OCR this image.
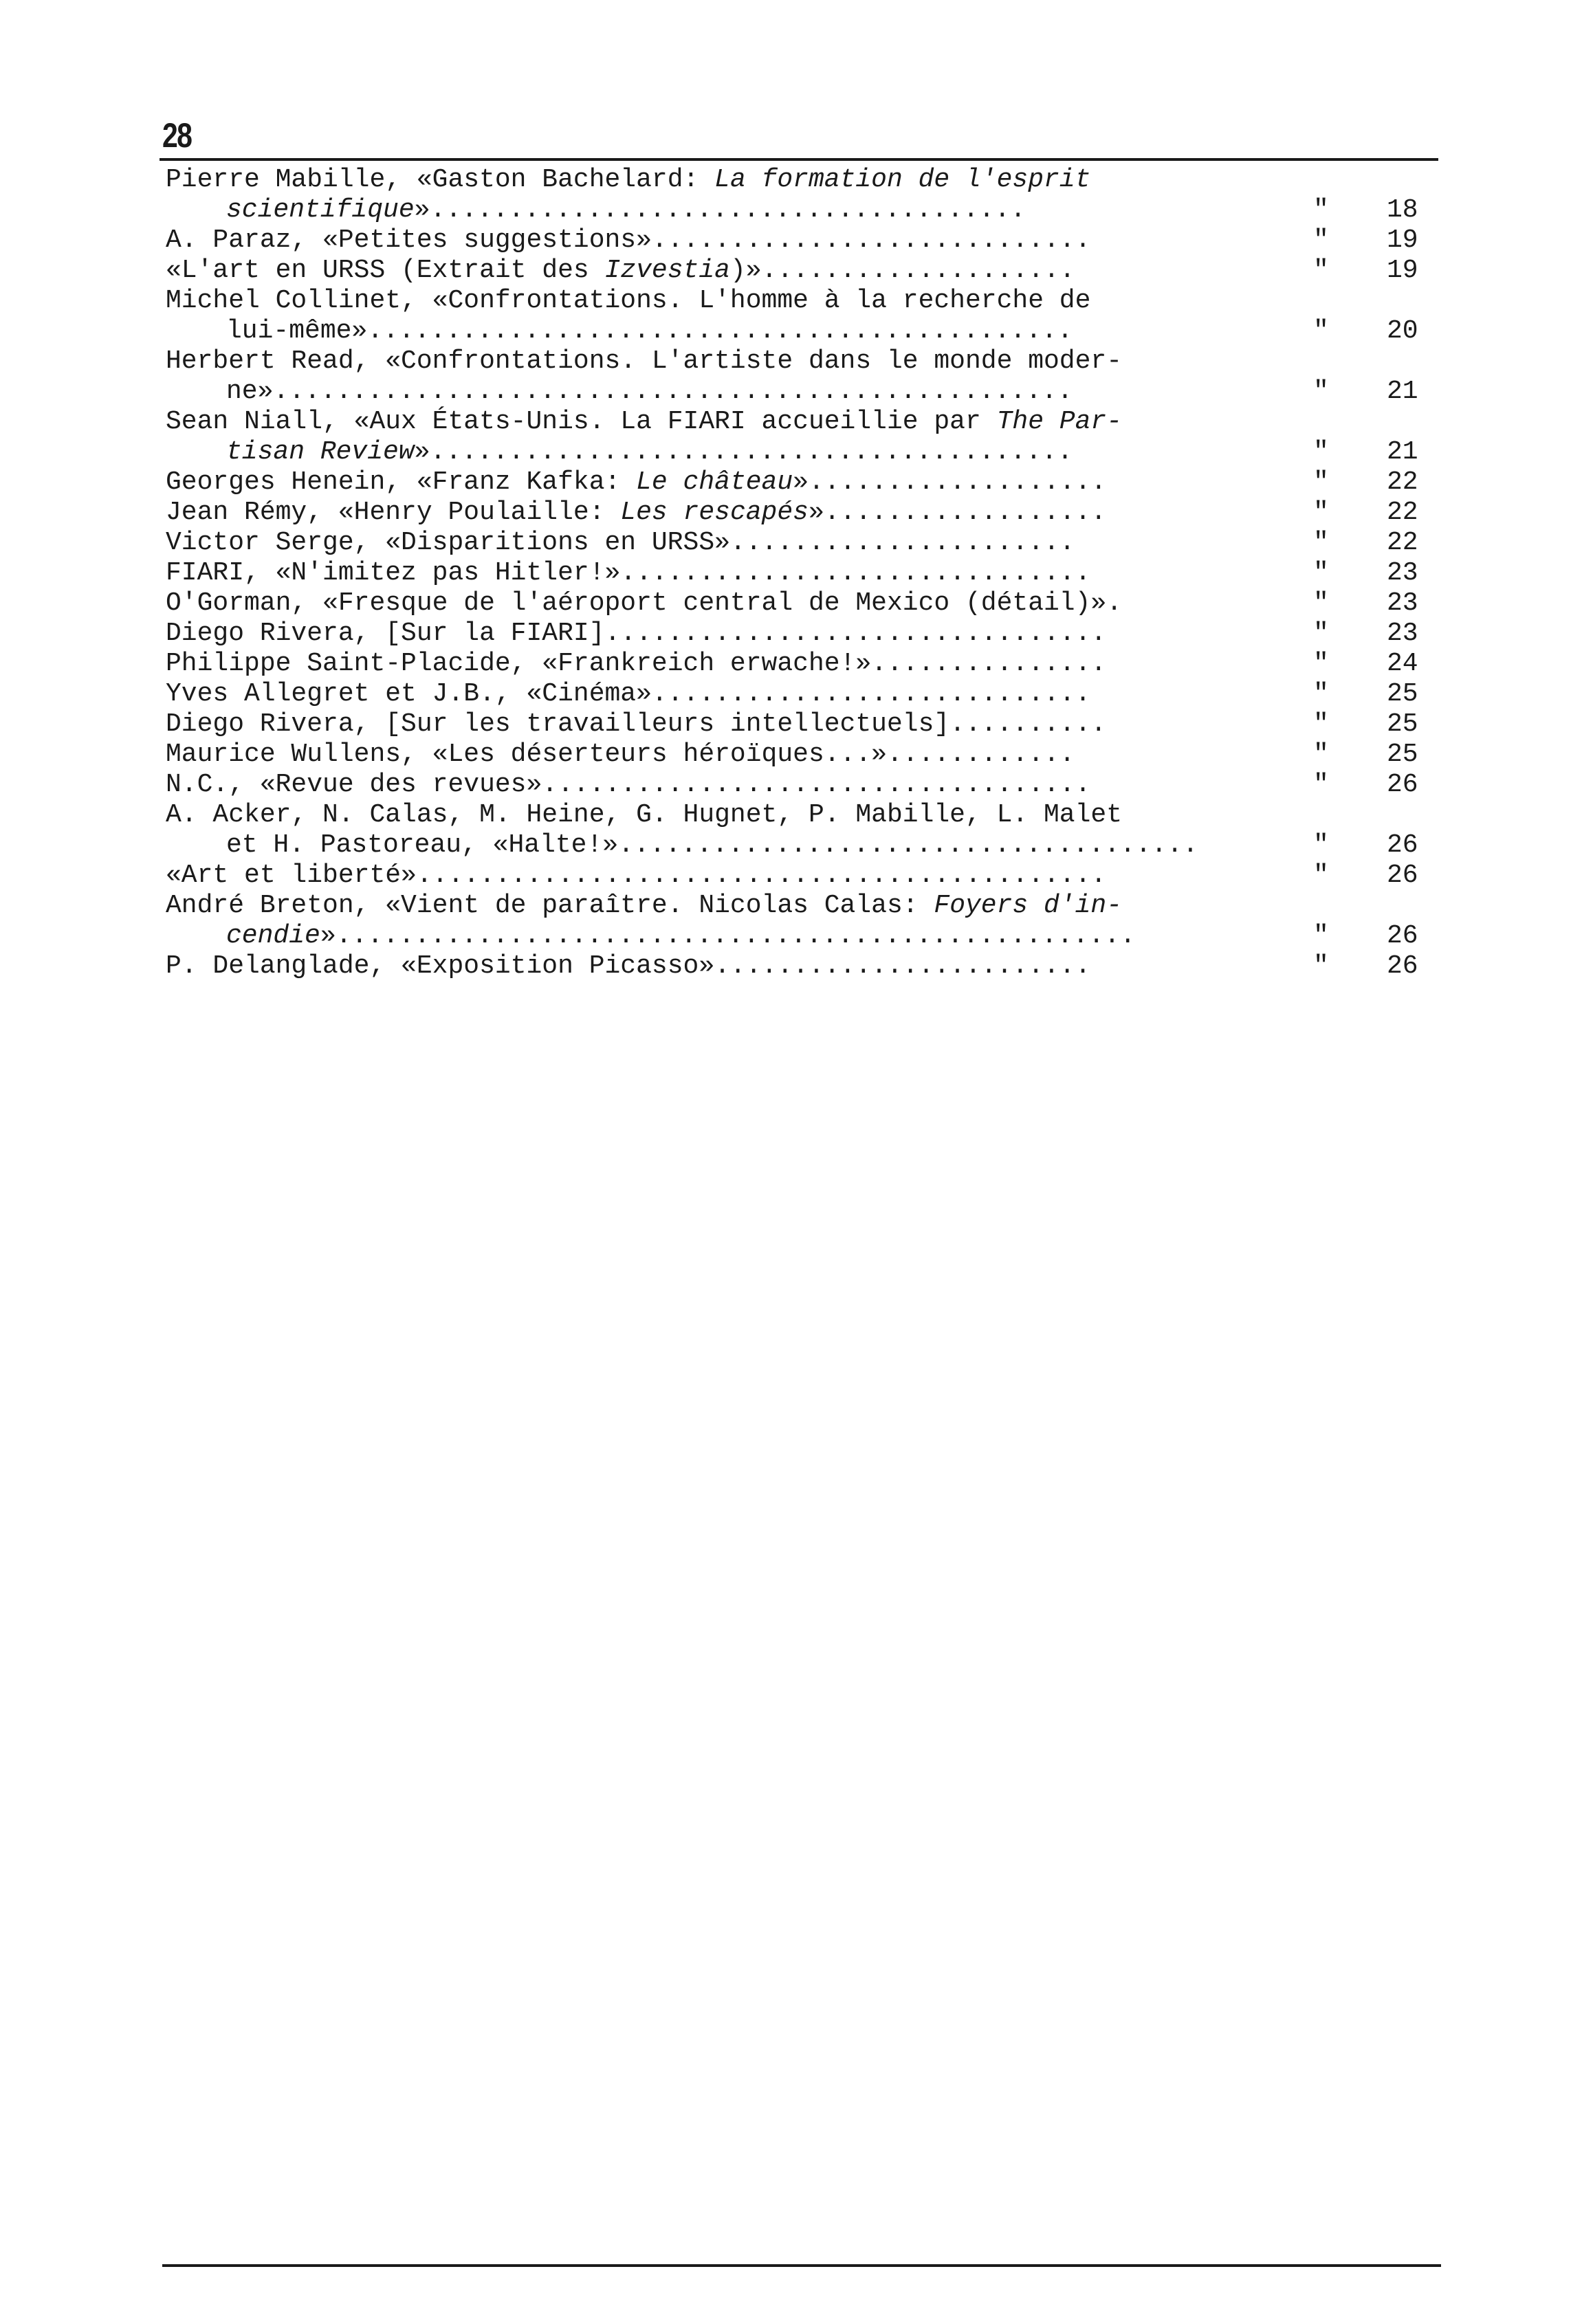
28
Pierre Mabille, «Gaston Bachelard: La formation de l'esprit
scientifique»......................................	" 18
A. Paraz, «Petites suggestions»............................	" 19
«L'art en URSS (Extrait des Izvestia)»....................	" 19
Michel Collinet, «Confrontations. L'homme à la recherche de
lui-même».............................................	" 20
Herbert Read, «Confrontations. L'artiste dans le monde moder-
ne»...................................................	" 21
Sean Niall, «Aux États-Unis. La FIARI accueillie par The Par-
tisan Review».........................................	" 21
Georges Henein, «Franz Kafka: Le château»...................	" 22
Jean Rémy, «Henry Poulaille: Les rescapés»..................	" 22
Victor Serge, «Disparitions en URSS»......................	" 22
FIARI, «N'imitez pas Hitler!»..............................	" 23
O'Gorman, «Fresque de l'aéroport central de Mexico (détail)».	" 23
Diego Rivera, [Sur la FIARI]................................	" 23
Philippe Saint-Placide, «Frankreich erwache!»...............	" 24
Yves Allegret et J.B., «Cinéma»............................	" 25
Diego Rivera, [Sur les travailleurs intellectuels]..........	" 25
Maurice Wullens, «Les déserteurs héroïques...»............	" 25
N.C., «Revue des revues»...................................	" 26
A. Acker, N. Calas, M. Heine, G. Hugnet, P. Mabille, L. Malet
et H. Pastoreau, «Halte!».....................................	" 26
«Art et liberté»............................................	" 26
André Breton, «Vient de paraître. Nicolas Calas: Foyers d'in-
cendie»...................................................	" 26
P. Delanglade, «Exposition Picasso»........................	" 26
